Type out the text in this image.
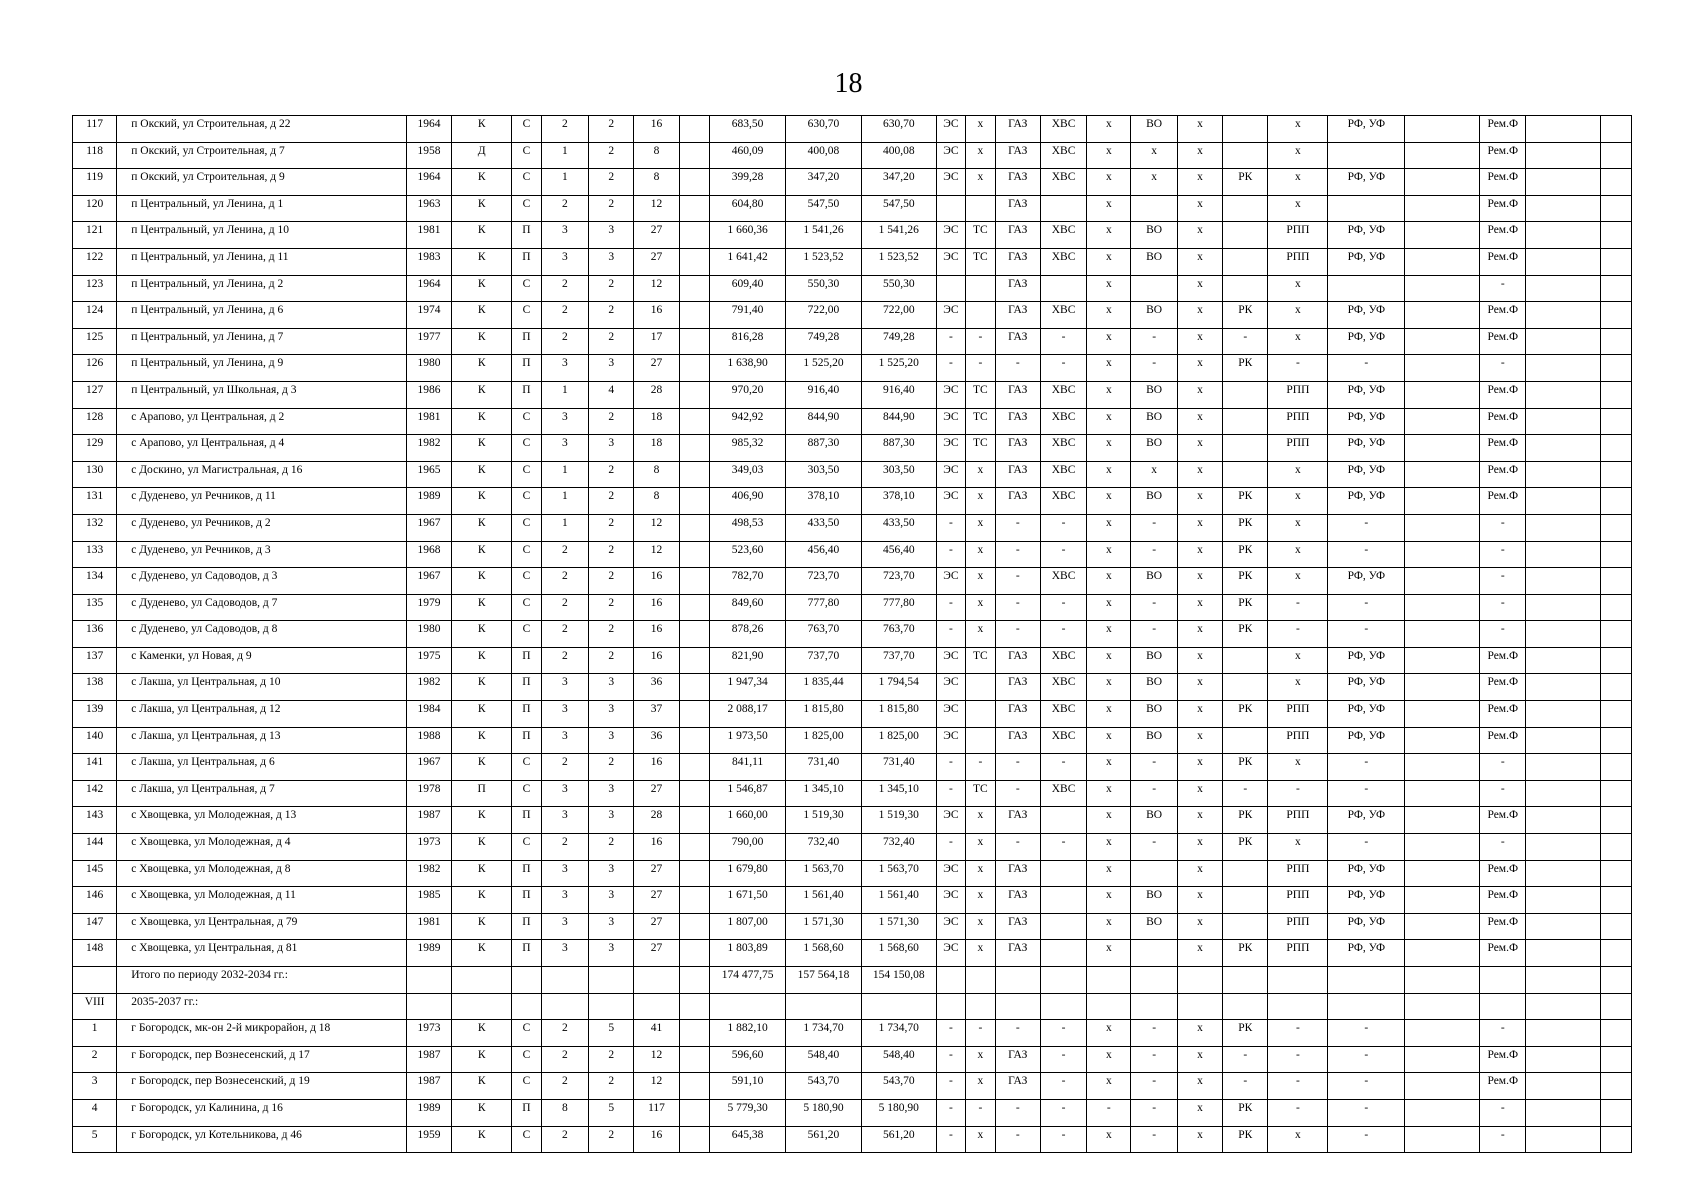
18
117	п Окский, ул Строительная, д 22	1964	К	С	2	2	16		683,50	630,70	630,70	ЭС	х	ГАЗ	ХВС	х	ВО	х		х	РФ, УФ		Рем.Ф		
118	п Окский, ул Строительная, д 7	1958	Д	С	1	2	8		460,09	400,08	400,08	ЭС	х	ГАЗ	ХВС	х	х	х		х			Рем.Ф		
119	п Окский, ул Строительная, д 9	1964	К	С	1	2	8		399,28	347,20	347,20	ЭС	х	ГАЗ	ХВС	х	х	х	РК	х	РФ, УФ		Рем.Ф		
120	п Центральный, ул Ленина, д 1	1963	К	С	2	2	12		604,80	547,50	547,50			ГАЗ		х		х		х			Рем.Ф		
121	п Центральный, ул Ленина, д 10	1981	К	П	3	3	27		1 660,36	1 541,26	1 541,26	ЭС	ТС	ГАЗ	ХВС	х	ВО	х		РПП	РФ, УФ		Рем.Ф		
122	п Центральный, ул Ленина, д 11	1983	К	П	3	3	27		1 641,42	1 523,52	1 523,52	ЭС	ТС	ГАЗ	ХВС	х	ВО	х		РПП	РФ, УФ		Рем.Ф		
123	п Центральный, ул Ленина, д 2	1964	К	С	2	2	12		609,40	550,30	550,30			ГАЗ		х		х		х			-		
124	п Центральный, ул Ленина, д 6	1974	К	С	2	2	16		791,40	722,00	722,00	ЭС		ГАЗ	ХВС	х	ВО	х	РК	х	РФ, УФ		Рем.Ф		
125	п Центральный, ул Ленина, д 7	1977	К	П	2	2	17		816,28	749,28	749,28	-	-	ГАЗ	-	х	-	х	-	х	РФ, УФ		Рем.Ф		
126	п Центральный, ул Ленина, д 9	1980	К	П	3	3	27		1 638,90	1 525,20	1 525,20	-	-	-	-	х	-	х	РК	-	-		-		
127	п Центральный, ул Школьная, д 3	1986	К	П	1	4	28		970,20	916,40	916,40	ЭС	ТС	ГАЗ	ХВС	х	ВО	х		РПП	РФ, УФ		Рем.Ф		
128	с Арапово, ул Центральная, д 2	1981	К	С	3	2	18		942,92	844,90	844,90	ЭС	ТС	ГАЗ	ХВС	х	ВО	х		РПП	РФ, УФ		Рем.Ф		
129	с Арапово, ул Центральная, д 4	1982	К	С	3	3	18		985,32	887,30	887,30	ЭС	ТС	ГАЗ	ХВС	х	ВО	х		РПП	РФ, УФ		Рем.Ф		
130	с Доскино, ул Магистральная, д 16	1965	К	С	1	2	8		349,03	303,50	303,50	ЭС	х	ГАЗ	ХВС	х	х	х		х	РФ, УФ		Рем.Ф		
131	с Дуденево, ул Речников, д 11	1989	К	С	1	2	8		406,90	378,10	378,10	ЭС	х	ГАЗ	ХВС	х	ВО	х	РК	х	РФ, УФ		Рем.Ф		
132	с Дуденево, ул Речников, д 2	1967	К	С	1	2	12		498,53	433,50	433,50	-	х	-	-	х	-	х	РК	х	-		-		
133	с Дуденево, ул Речников, д 3	1968	К	С	2	2	12		523,60	456,40	456,40	-	х	-	-	х	-	х	РК	х	-		-		
134	с Дуденево, ул Садоводов, д 3	1967	К	С	2	2	16		782,70	723,70	723,70	ЭС	х	-	ХВС	х	ВО	х	РК	х	РФ, УФ		-		
135	с Дуденево, ул Садоводов, д 7	1979	К	С	2	2	16		849,60	777,80	777,80	-	х	-	-	х	-	х	РК	-	-		-		
136	с Дуденево, ул Садоводов, д 8	1980	К	С	2	2	16		878,26	763,70	763,70	-	х	-	-	х	-	х	РК	-	-		-		
137	с Каменки, ул Новая, д 9	1975	К	П	2	2	16		821,90	737,70	737,70	ЭС	ТС	ГАЗ	ХВС	х	ВО	х		х	РФ, УФ		Рем.Ф		
138	с Лакша, ул Центральная, д 10	1982	К	П	3	3	36		1 947,34	1 835,44	1 794,54	ЭС		ГАЗ	ХВС	х	ВО	х		х	РФ, УФ		Рем.Ф		
139	с Лакша, ул Центральная, д 12	1984	К	П	3	3	37		2 088,17	1 815,80	1 815,80	ЭС		ГАЗ	ХВС	х	ВО	х	РК	РПП	РФ, УФ		Рем.Ф		
140	с Лакша, ул Центральная, д 13	1988	К	П	3	3	36		1 973,50	1 825,00	1 825,00	ЭС		ГАЗ	ХВС	х	ВО	х		РПП	РФ, УФ		Рем.Ф		
141	с Лакша, ул Центральная, д 6	1967	К	С	2	2	16		841,11	731,40	731,40	-	-	-	-	х	-	х	РК	х	-		-		
142	с Лакша, ул Центральная, д 7	1978	П	С	3	3	27		1 546,87	1 345,10	1 345,10	-	ТС	-	ХВС	х	-	х	-	-	-		-		
143	с Хвощевка, ул Молодежная, д 13	1987	К	П	3	3	28		1 660,00	1 519,30	1 519,30	ЭС	х	ГАЗ		х	ВО	х	РК	РПП	РФ, УФ		Рем.Ф		
144	с Хвощевка, ул Молодежная, д 4	1973	К	С	2	2	16		790,00	732,40	732,40	-	х	-	-	х	-	х	РК	х	-		-		
145	с Хвощевка, ул Молодежная, д 8	1982	К	П	3	3	27		1 679,80	1 563,70	1 563,70	ЭС	х	ГАЗ		х		х		РПП	РФ, УФ		Рем.Ф		
146	с Хвощевка, ул Молодежная, д 11	1985	К	П	3	3	27		1 671,50	1 561,40	1 561,40	ЭС	х	ГАЗ		х	ВО	х		РПП	РФ, УФ		Рем.Ф		
147	с Хвощевка, ул Центральная, д 79	1981	К	П	3	3	27		1 807,00	1 571,30	1 571,30	ЭС	х	ГАЗ		х	ВО	х		РПП	РФ, УФ		Рем.Ф		
148	с Хвощевка, ул Центральная, д 81	1989	К	П	3	3	27		1 803,89	1 568,60	1 568,60	ЭС	х	ГАЗ		х		х	РК	РПП	РФ, УФ		Рем.Ф		
	Итого по периоду 2032-2034 гг.:								174 477,75	157 564,18	154 150,08														
VIII	2035-2037 гг.:																								
1	г Богородск, мк-он 2-й микрорайон, д 18	1973	К	С	2	5	41		1 882,10	1 734,70	1 734,70	-	-	-	-	х	-	х	РК	-	-		-		
2	г Богородск, пер Вознесенский, д 17	1987	К	С	2	2	12		596,60	548,40	548,40	-	х	ГАЗ	-	х	-	х	-	-	-		Рем.Ф		
3	г Богородск, пер Вознесенский, д 19	1987	К	С	2	2	12		591,10	543,70	543,70	-	х	ГАЗ	-	х	-	х	-	-	-		Рем.Ф		
4	г Богородск, ул Калинина, д 16	1989	К	П	8	5	117		5 779,30	5 180,90	5 180,90	-	-	-	-	-	-	х	РК	-	-		-		
5	г Богородск, ул Котельникова, д 46	1959	К	С	2	2	16		645,38	561,20	561,20	-	х	-	-	х	-	х	РК	х	-		-		
